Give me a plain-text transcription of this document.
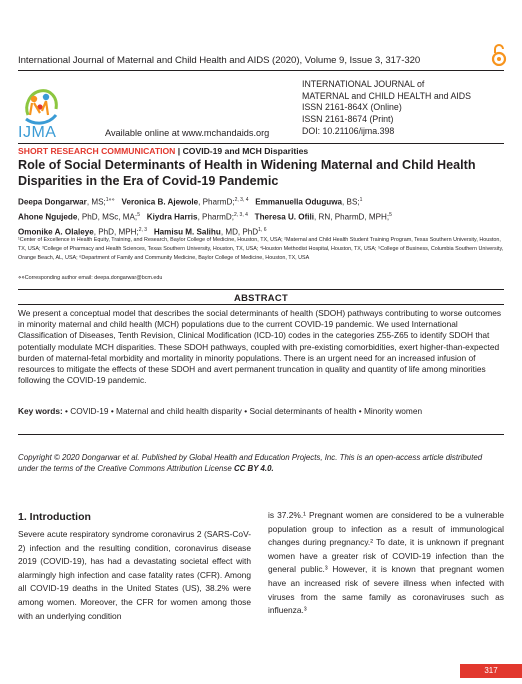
International Journal of Maternal and Child Health and AIDS (2020), Volume 9, Issue 3, 317-320
IJMA	Available online at www.mchandaids.org
INTERNATIONAL JOURNAL of
MATERNAL and CHILD HEALTH and AIDS
ISSN 2161-864X (Online)
ISSN 2161-8674 (Print)
DOI: 10.21106/ijma.398
SHORT RESEARCH COMMUNICATION | COVID-19 and MCH Disparities
Role of Social Determinants of Health in Widening Maternal and Child Health Disparities in the Era of Covid-19 Pandemic
Deepa Dongarwar, MS;$^{1⋄⋄}$ Veronica B. Ajewole, PharmD;$^{2, 3, 4}$ Emmanuella Oduguwa, BS;$^1$
Ahone Ngujede, PhD, MSc, MA;$^5$ Kiydra Harris, PharmD;$^{2, 3, 4}$ Theresa U. Ofili, RN, PharmD, MPH;$^5$
Omonike A. Olaleye, PhD, MPH;$^{2, 3}$ Hamisu M. Salihu, MD, PhD$^{1, 6}$
¹Center of Excellence in Health Equity, Training, and Research, Baylor College of Medicine, Houston, TX, USA; ²Maternal and Child Health Student Training Program, Texas Southern University, Houston, TX, USA; ³College of Pharmacy and Health Sciences, Texas Southern University, Houston, TX, USA; ⁴Houston Methodist Hospital, Houston, TX, USA; ⁵College of Business, Columbia Southern University, Orange Beach, AL, USA; ⁶Department of Family and Community Medicine, Baylor College of Medicine, Houston, TX, USA
⋄⋄Corresponding author email: deepa.dongarwar@bcm.edu
ABSTRACT
We present a conceptual model that describes the social determinants of health (SDOH) pathways contributing to worse outcomes in minority maternal and child health (MCH) populations due to the current COVID-19 pandemic. We used International Classification of Diseases, Tenth Revision, Clinical Modification (ICD-10) codes in the categories Z55-Z65 to identify SDOH that potentially modulate MCH disparities. These SDOH pathways, coupled with pre-existing comorbidities, exert higher-than-expected burden of maternal-fetal morbidity and mortality in minority populations. There is an urgent need for an increased infusion of resources to mitigate the effects of these SDOH and avert permanent truncation in quality and quantity of life among minorities following the COVID-19 pandemic.
Key words: • COVID-19 • Maternal and child health disparity • Social determinants of health • Minority women
Copyright © 2020 Dongarwar et al. Published by Global Health and Education Projects, Inc. This is an open-access article distributed under the terms of the Creative Commons Attribution License CC BY 4.0.
1. Introduction
Severe acute respiratory syndrome coronavirus 2 (SARS-CoV-2) infection and the resulting condition, coronavirus disease 2019 (COVID-19), has had a devastating societal effect with alarmingly high infection and case fatality rates (CFR). Among all COVID-19 deaths in the United States (US), 38.2% were among women. Moreover, the CFR for women among those with an underlying condition
is 37.2%.¹ Pregnant women are considered to be a vulnerable population group to infection as a result of immunological changes during pregnancy.² To date, it is unknown if pregnant women have a greater risk of COVID-19 infection than the general public.³ However, it is known that pregnant women have an increased risk of severe illness when infected with viruses from the same family as coronaviruses such as influenza.³
317
